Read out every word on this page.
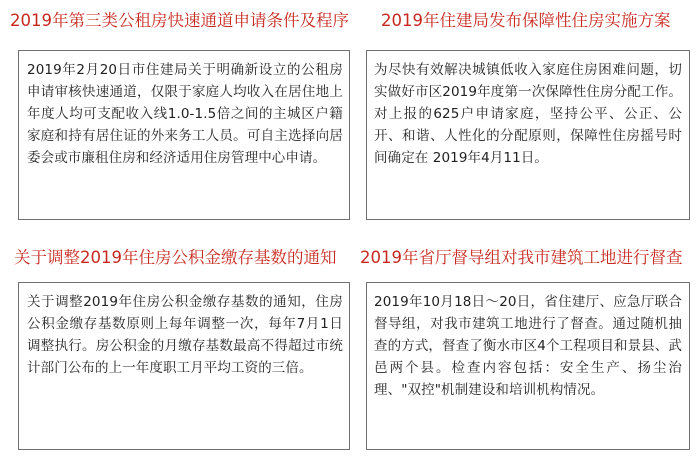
2019年第三类公租房快速通道申请条件及程序 2019年住建局发布保障性住房实施方案
关于调整2019年住房公积金缴存基数的通知 2019年省厅督导组对我市建筑工地进行督查
2019年2月20日市住建局关于明确新设立的公租房申请审核快速通道，仅限于家庭人均收入在居住地上年度人均可支配收入线1.0-1.5倍之间的主城区户籍家庭和持有居住证的外来务工人员。可自主选择向居委会或市廉租住房和经济适用住房管理中心申请。
为尽快有效解决城镇低收入家庭住房困难问题，切实做好市区2019年度第一次保障性住房分配工作。对上报的625户申请家庭，坚持公平、公正、公开、和谐、人性化的分配原则，保障性住房摇号时间确定在 2019年4月11日。
关于调整2019年住房公积金缴存基数的通知，住房公积金缴存基数原则上每年调整一次，每年7月1日调整执行。房公积金的月缴存基数最高不得超过市统计部门公布的上一年度职工月平均工资的三倍。
2019年10月18日～20日，省住建厅、应急厅联合督导组，对我市建筑工地进行了督查。通过随机抽查的方式，督查了衡水市区4个工程项目和景县、武邑两个县。检查内容包括：安全生产、扬尘治理、"双控"机制建设和培训机构情况。
